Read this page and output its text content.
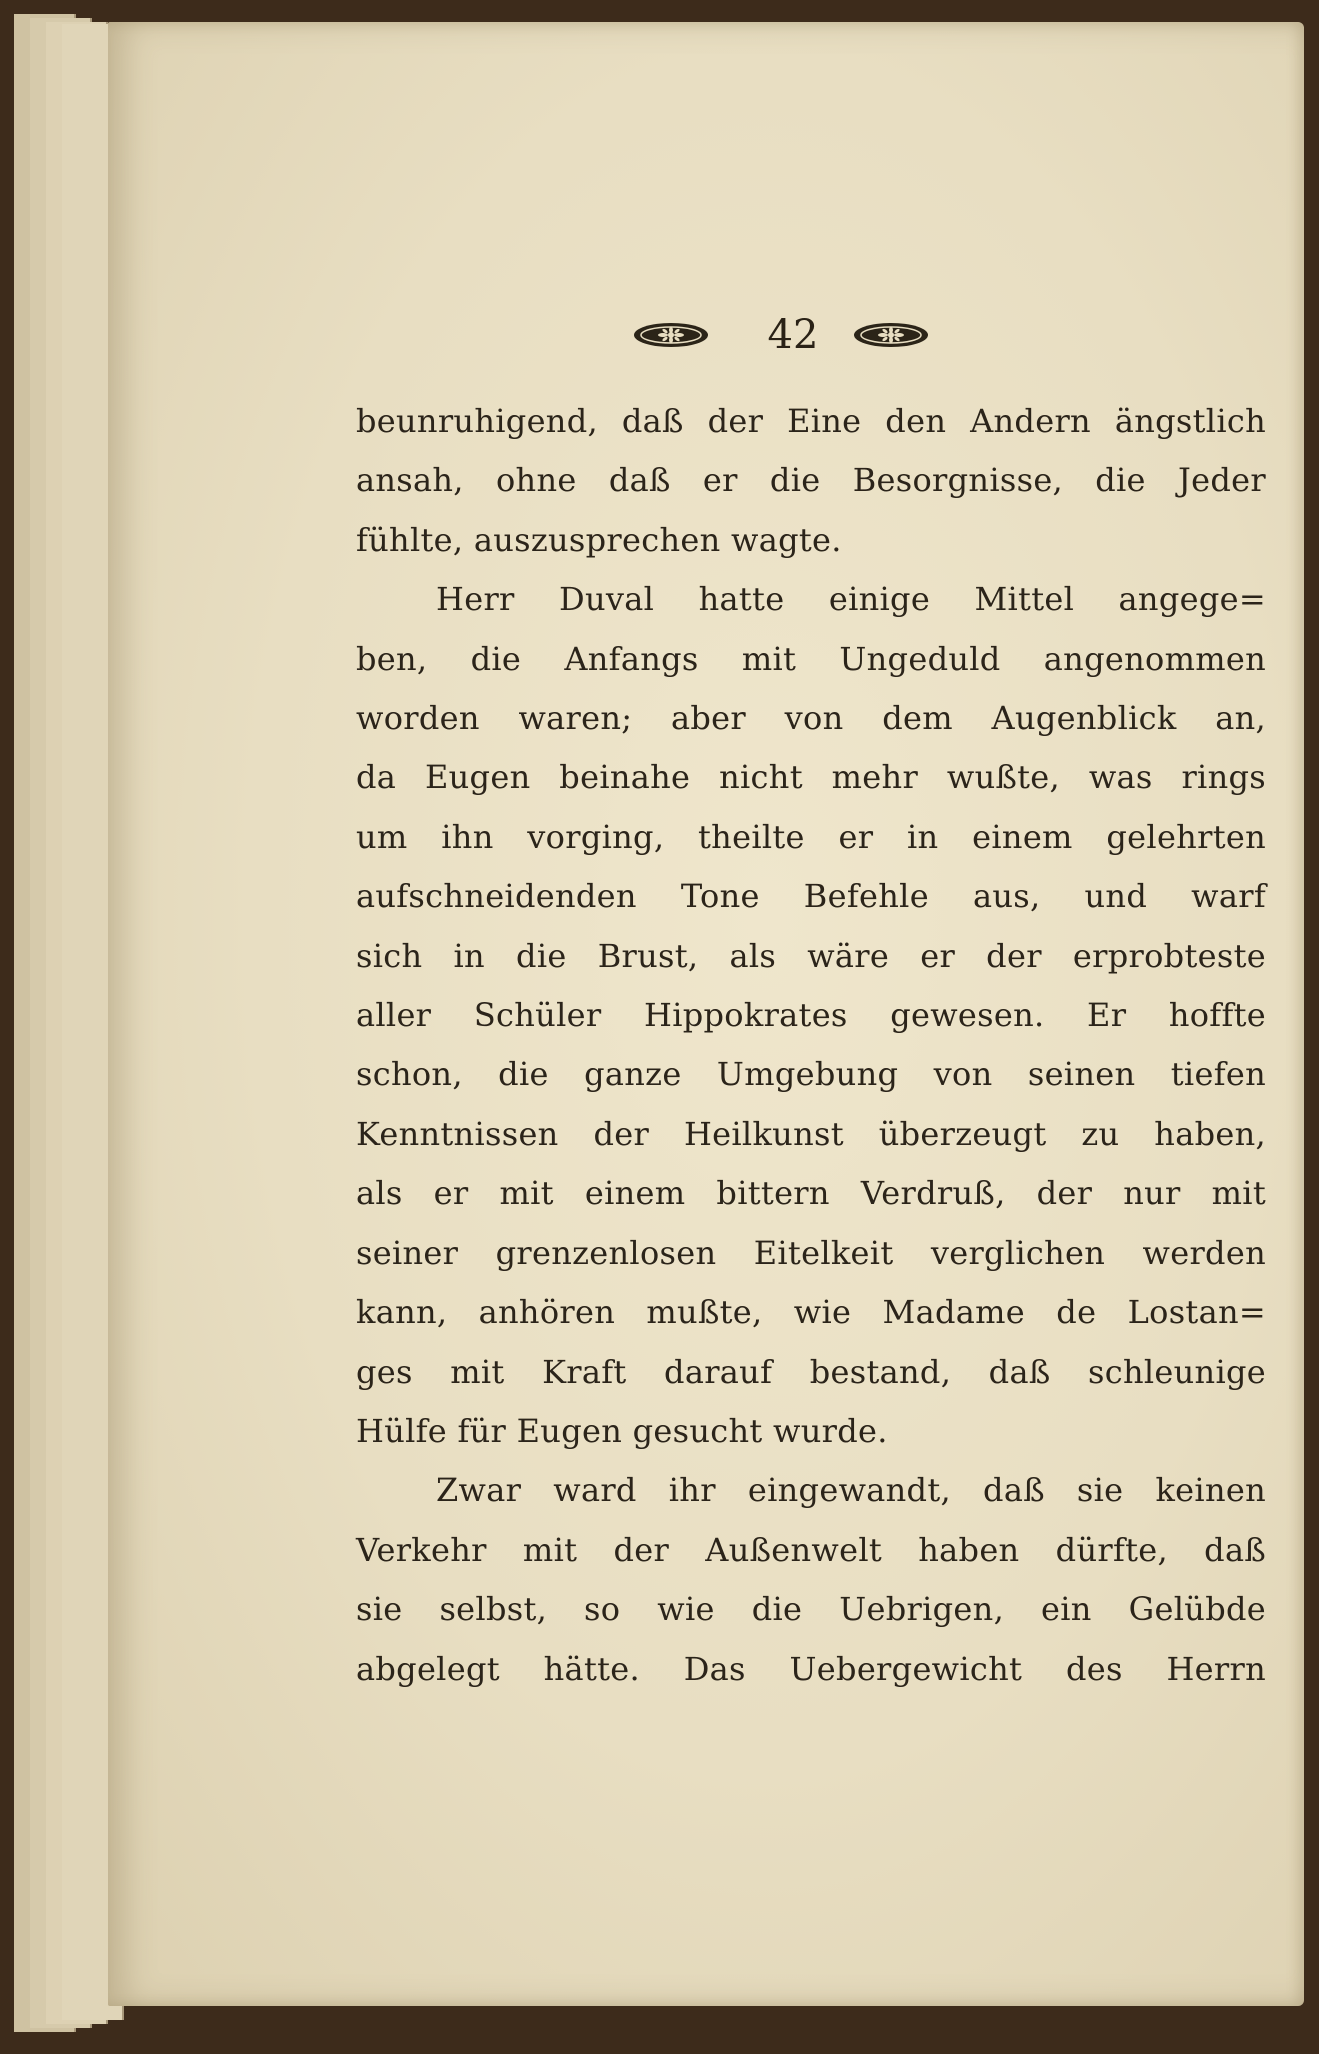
42
beunruhigend, daß der Eine den Andern ängstlich
ansah, ohne daß er die Besorgnisse, die Jeder
fühlte, auszusprechen wagte.
Herr Duval hatte einige Mittel angege=
ben, die Anfangs mit Ungeduld angenommen
worden waren; aber von dem Augenblick an,
da Eugen beinahe nicht mehr wußte, was rings
um ihn vorging, theilte er in einem gelehrten
aufschneidenden Tone Befehle aus, und warf
sich in die Brust, als wäre er der erprobteste
aller Schüler Hippokrates gewesen. Er hoffte
schon, die ganze Umgebung von seinen tiefen
Kenntnissen der Heilkunst überzeugt zu haben,
als er mit einem bittern Verdruß, der nur mit
seiner grenzenlosen Eitelkeit verglichen werden
kann, anhören mußte, wie Madame de Lostan=
ges mit Kraft darauf bestand, daß schleunige
Hülfe für Eugen gesucht wurde.
Zwar ward ihr eingewandt, daß sie keinen
Verkehr mit der Außenwelt haben dürfte, daß
sie selbst, so wie die Uebrigen, ein Gelübde
abgelegt hätte. Das Uebergewicht des Herrn
